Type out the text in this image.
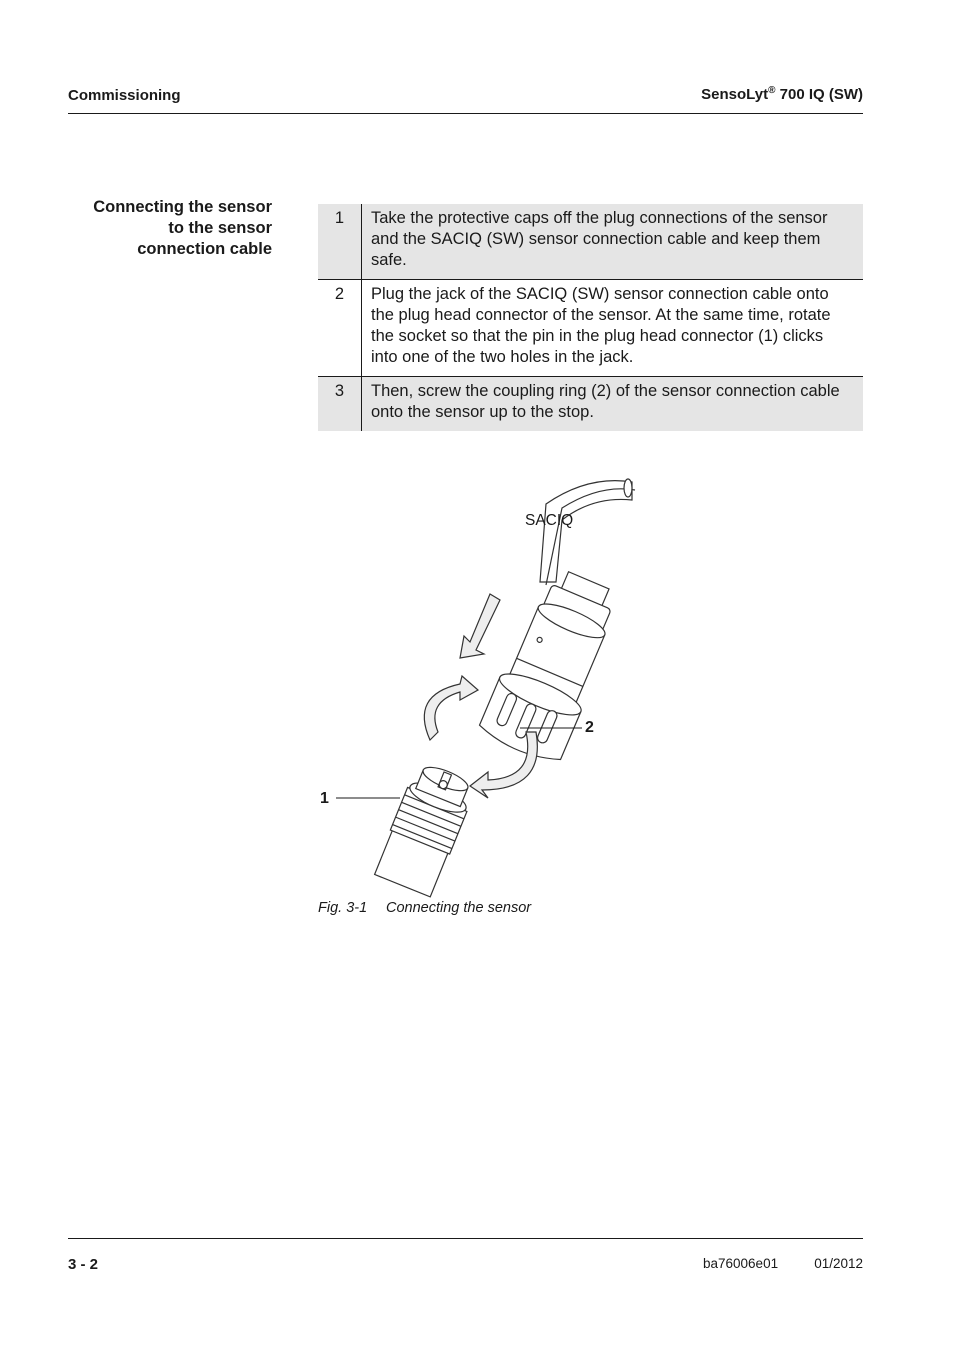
Commissioning	SensoLyt® 700 IQ (SW)
Connecting the sensor
to the sensor
connection cable
1	Take the protective caps off the plug connections of the sensor and the SACIQ (SW) sensor connection cable and keep them safe.
2	Plug the jack of the SACIQ (SW) sensor connection cable onto the plug head connector of the sensor. At the same time, rotate the socket so that the pin in the plug head connector (1) clicks into one of the two holes in the jack.
3	Then, screw the coupling ring (2) of the sensor connection cable onto the sensor up to the stop.
SACIQ
2
1
Fig. 3-1 Connecting the sensor
3 - 2	ba76006e01	01/2012
